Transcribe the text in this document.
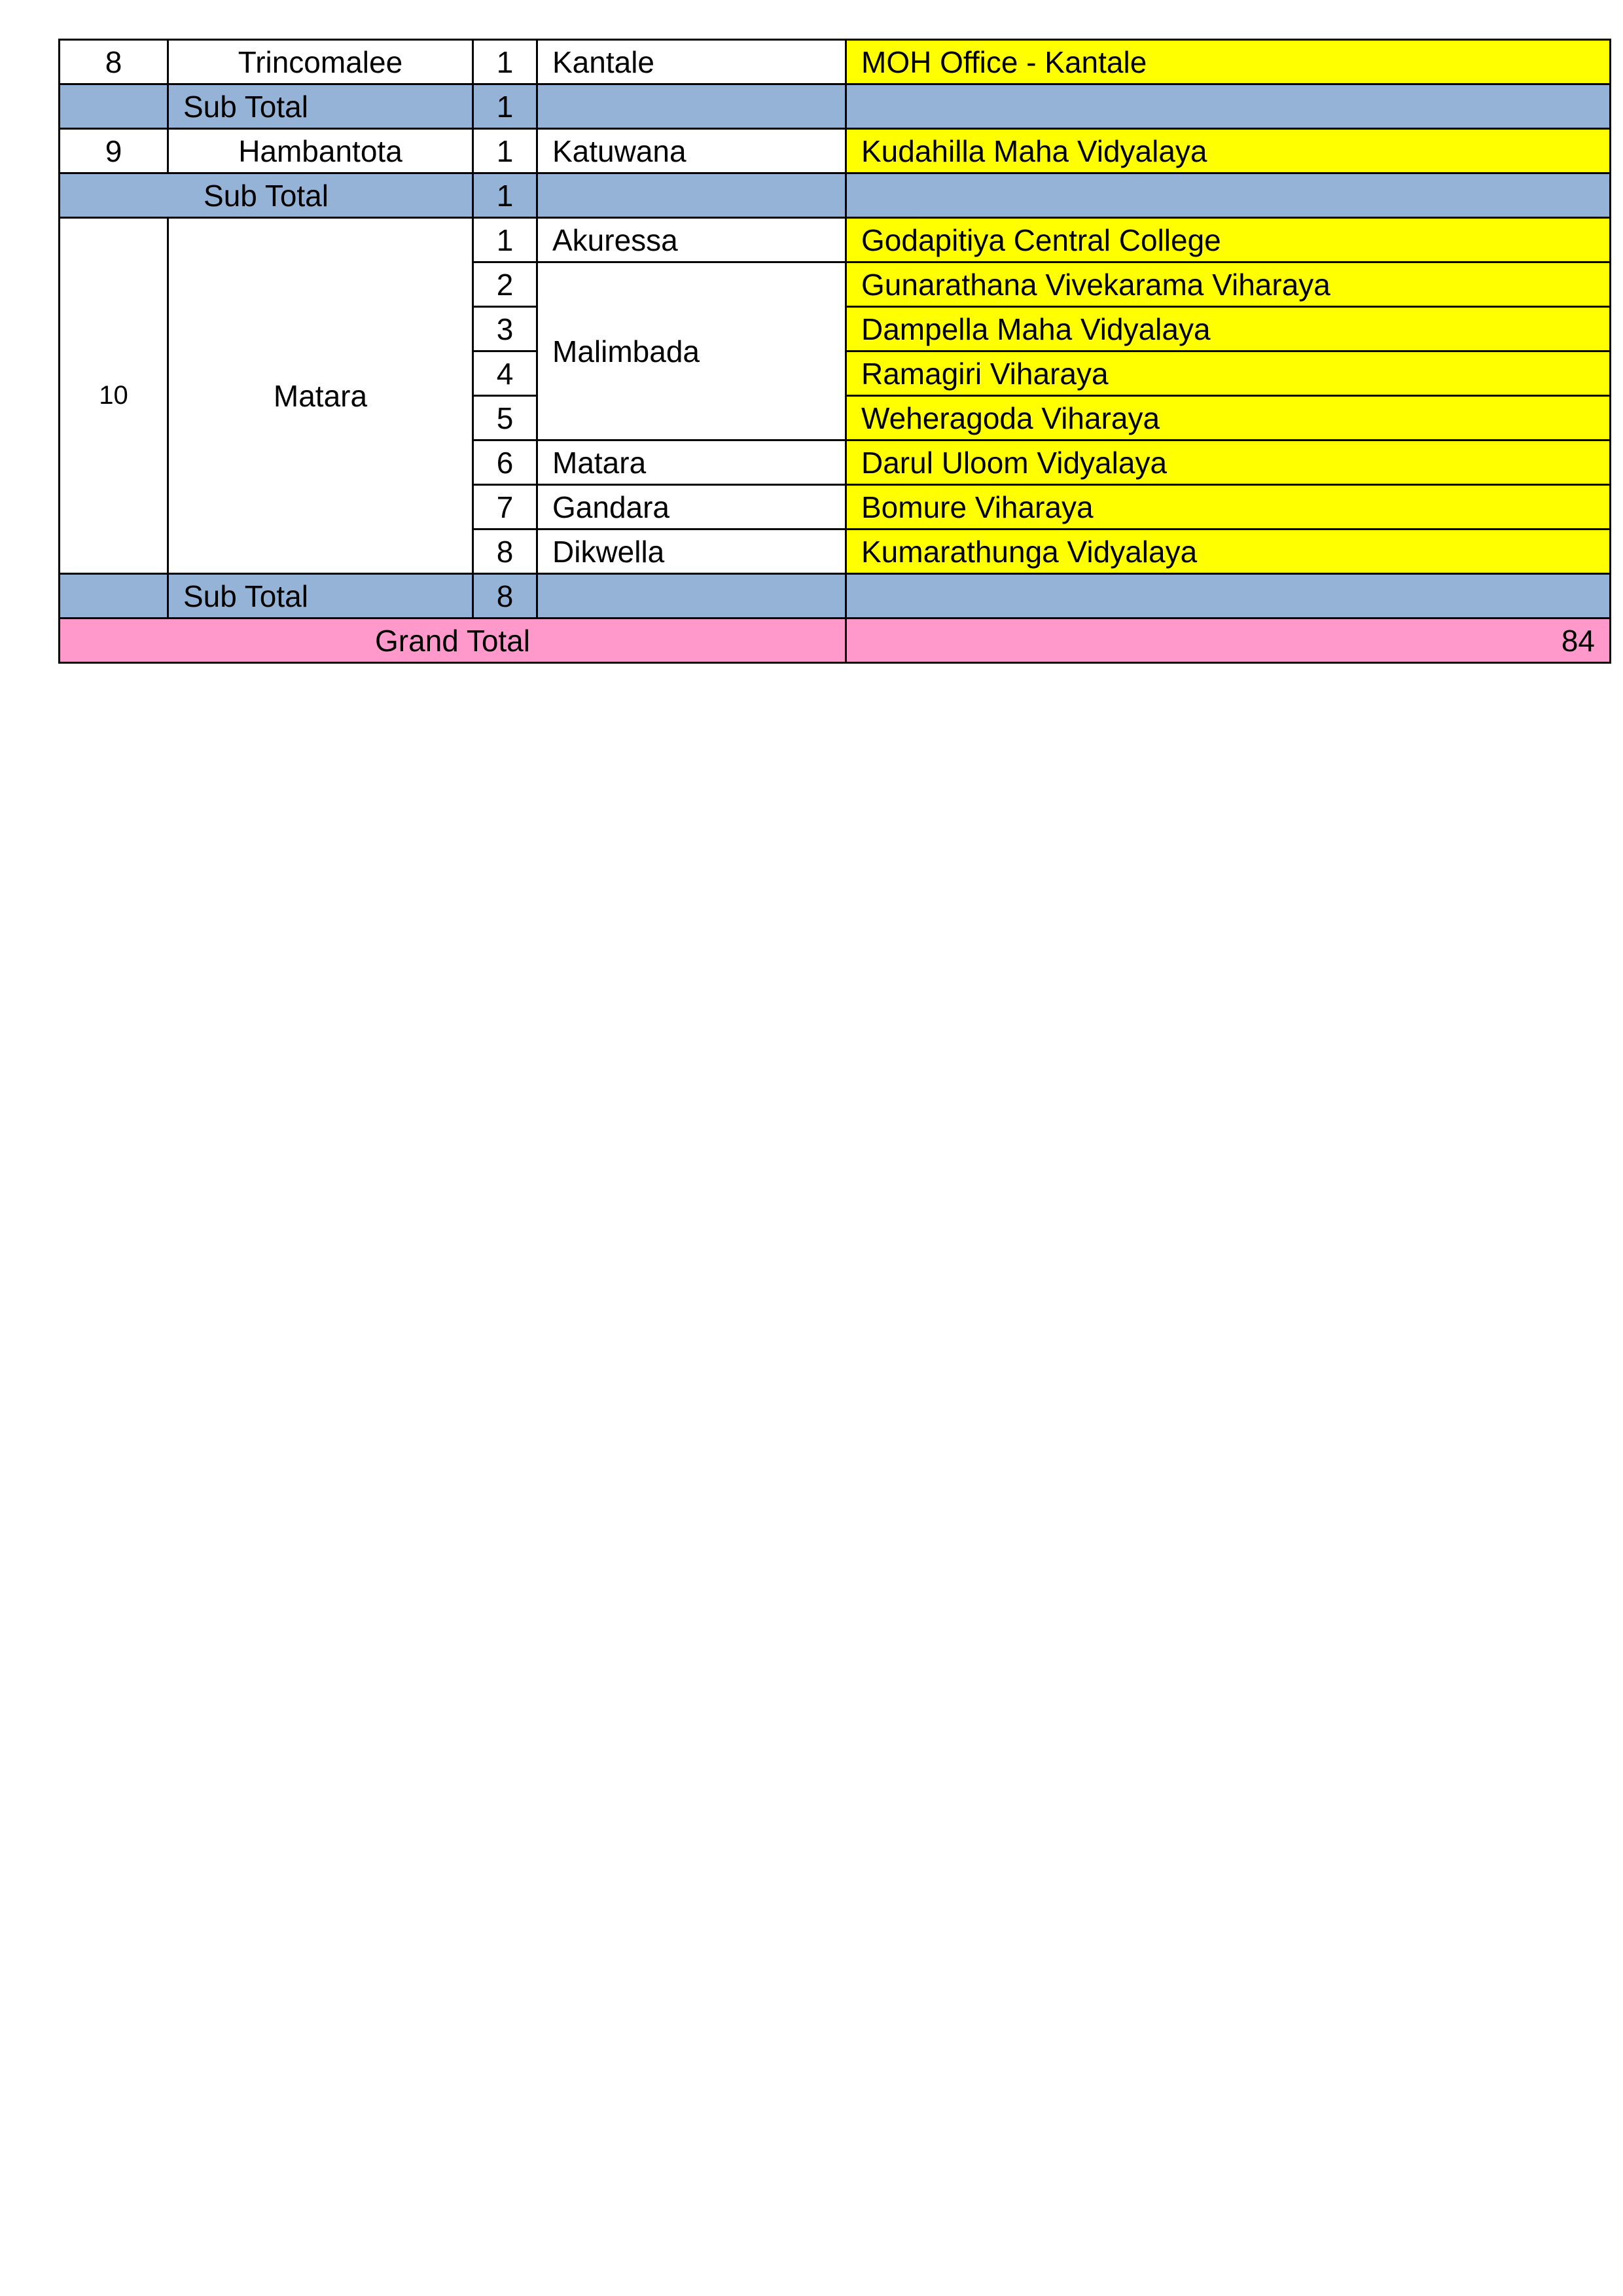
8	Trincomalee	1	Kantale	MOH Office - Kantale
	Sub Total	1		
9	Hambantota	1	Katuwana	Kudahilla Maha Vidyalaya
Sub Total		1		
10	Matara	1	Akuressa	Godapitiya Central College
		2	Malimbada	Gunarathana Vivekarama Viharaya
		3		Dampella Maha Vidyalaya
		4		Ramagiri Viharaya
		5		Weheragoda Viharaya
		6	Matara	Darul Uloom Vidyalaya
		7	Gandara	Bomure Viharaya
		8	Dikwella	Kumarathunga Vidyalaya
	Sub Total	8		
Grand Total				84
